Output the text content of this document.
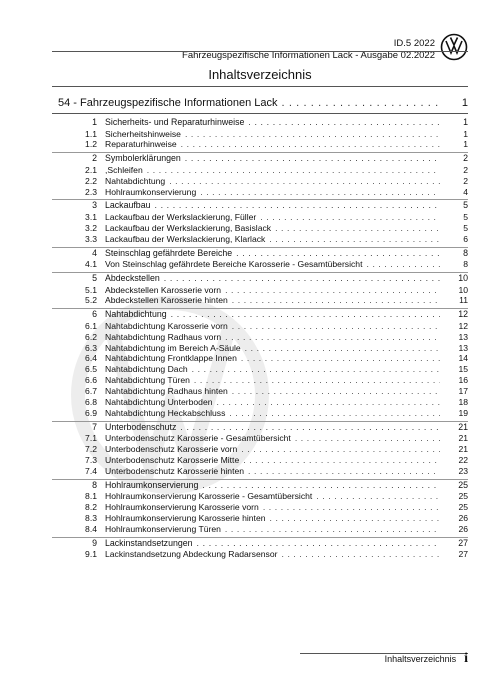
ID.5 2022
Fahrzeugspezifische Informationen Lack - Ausgabe 02.2022
Inhaltsverzeichnis
54 - Fahrzeugspezifische Informationen Lack . . .	1
1 Sicherheits- und Reparaturhinweise . . .	1
1.1 Sicherheitshinweise . . .	1
1.2 Reparaturhinweise . . .	1
2 Symbolerklärungen . . .	2
2.1 ,Schleifen . . .	2
2.2 Nahtabdichtung . . .	2
2.3 Hohlraumkonservierung . . .	4
3 Lackaufbau . . .	5
3.1 Lackaufbau der Werkslackierung, Füller . . .	5
3.2 Lackaufbau der Werkslackierung, Basislack . . .	5
3.3 Lackaufbau der Werkslackierung, Klarlack . . .	6
4 Steinschlag gefährdete Bereiche . . .	8
4.1 Von Steinschlag gefährdete Bereiche Karosserie - Gesamtübersicht . . .	8
5 Abdeckstellen . . .	10
5.1 Abdeckstellen Karosserie vorn . . .	10
5.2 Abdeckstellen Karosserie hinten . . .	11
6 Nahtabdichtung . . .	12
6.1 Nahtabdichtung Karosserie vorn . . .	12
6.2 Nahtabdichtung Radhaus vorn . . .	13
6.3 Nahtabdichtung im Bereich A-Säule . . .	13
6.4 Nahtabdichtung Frontklappe Innen . . .	14
6.5 Nahtabdichtung Dach . . .	15
6.6 Nahtabdichtung Türen . . .	16
6.7 Nahtabdichtung Radhaus hinten . . .	17
6.8 Nahtabdichtung Unterboden . . .	18
6.9 Nahtabdichtung Heckabschluss . . .	19
7 Unterbodenschutz . . .	21
7.1 Unterbodenschutz Karosserie - Gesamtübersicht . . .	21
7.2 Unterbodenschutz Karosserie vorn . . .	21
7.3 Unterbodenschutz Karosserie Mitte . . .	22
7.4 Unterbodenschutz Karosserie hinten . . .	23
8 Hohlraumkonservierung . . .	25
8.1 Hohlraumkonservierung Karosserie - Gesamtübersicht . . .	25
8.2 Hohlraumkonservierung Karosserie vorn . . .	25
8.3 Hohlraumkonservierung Karosserie hinten . . .	26
8.4 Hohlraumkonservierung Türen . . .	26
9 Lackinstandsetzungen . . .	27
9.1 Lackinstandsetzung Abdeckung Radarsensor . . .	27
Inhaltsverzeichnis i
